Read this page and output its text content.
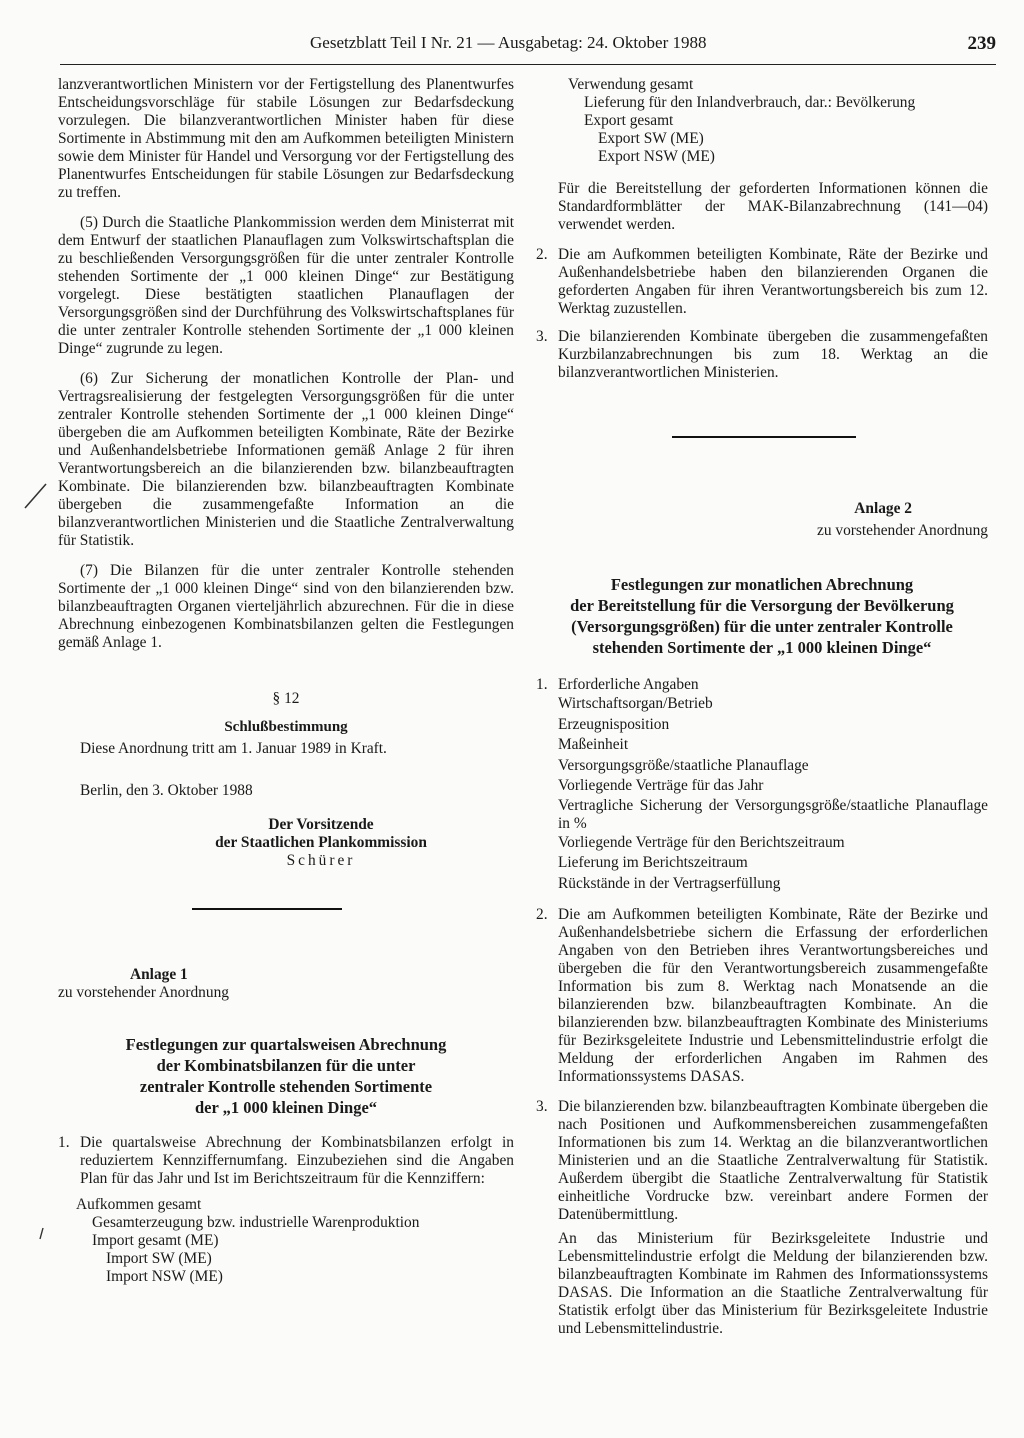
Gesetzblatt Teil I Nr. 21 — Ausgabetag: 24. Oktober 1988	239

lanzverantwortlichen Ministern vor der Fertigstellung des Planentwurfes Entscheidungsvorschläge für stabile Lösungen zur Bedarfsdeckung vorzulegen. Die bilanzverantwortlichen Minister haben für diese Sortimente in Abstimmung mit den am Aufkommen beteiligten Ministern sowie dem Minister für Handel und Versorgung vor der Fertigstellung des Planentwurfes Entscheidungen für stabile Lösungen zur Bedarfsdeckung zu treffen.

(5) Durch die Staatliche Plankommission werden dem Ministerrat mit dem Entwurf der staatlichen Planauflagen zum Volkswirtschaftsplan die zu beschließenden Versorgungsgrößen für die unter zentraler Kontrolle stehenden Sortimente der „1 000 kleinen Dinge“ zur Bestätigung vorgelegt. Diese bestätigten staatlichen Planauflagen der Versorgungsgrößen sind der Durchführung des Volkswirtschaftsplanes für die unter zentraler Kontrolle stehenden Sortimente der „1 000 kleinen Dinge“ zugrunde zu legen.

(6) Zur Sicherung der monatlichen Kontrolle der Plan- und Vertragsrealisierung der festgelegten Versorgungsgrößen für die unter zentraler Kontrolle stehenden Sortimente der „1 000 kleinen Dinge“ übergeben die am Aufkommen beteiligten Kombinate, Räte der Bezirke und Außenhandelsbetriebe Informationen gemäß Anlage 2 für ihren Verantwortungsbereich an die bilanzierenden bzw. bilanzbeauftragten Kombinate. Die bilanzierenden bzw. bilanzbeauftragten Kombinate übergeben die zusammengefaßte Information an die bilanzverantwortlichen Ministerien und die Staatliche Zentralverwaltung für Statistik.

(7) Die Bilanzen für die unter zentraler Kontrolle stehenden Sortimente der „1 000 kleinen Dinge“ sind von den bilanzierenden bzw. bilanzbeauftragten Organen vierteljährlich abzurechnen. Für die in diese Abrechnung einbezogenen Kombinatsbilanzen gelten die Festlegungen gemäß Anlage 1.

§ 12
Schlußbestimmung
Diese Anordnung tritt am 1. Januar 1989 in Kraft.
Berlin, den 3. Oktober 1988
Der Vorsitzende
der Staatlichen Plankommission
Schürer
Anlage 1
zu vorstehender Anordnung
Festlegungen zur quartalsweisen Abrechnung
der Kombinatsbilanzen für die unter
zentraler Kontrolle stehenden Sortimente
der „1 000 kleinen Dinge“
1. Die quartalsweise Abrechnung der Kombinatsbilanzen erfolgt in reduziertem Kennziffernumfang. Einzubeziehen sind die Angaben Plan für das Jahr und Ist im Berichtszeitraum für die Kennziffern:
Aufkommen gesamt
Gesamterzeugung bzw. industrielle Warenproduktion
Import gesamt (ME)
Import SW (ME)
Import NSW (ME)
Verwendung gesamt
Lieferung für den Inlandverbrauch, dar.: Bevölkerung
Export gesamt
Export SW (ME)
Export NSW (ME)

Für die Bereitstellung der geforderten Informationen können die Standardformblätter der MAK-Bilanzabrechnung (141—04) verwendet werden.

2. Die am Aufkommen beteiligten Kombinate, Räte der Bezirke und Außenhandelsbetriebe haben den bilanzierenden Organen die geforderten Angaben für ihren Verantwortungsbereich bis zum 12. Werktag zuzustellen.
3. Die bilanzierenden Kombinate übergeben die zusammengefaßten Kurzbilanzabrechnungen bis zum 18. Werktag an die bilanzverantwortlichen Ministerien.
Anlage 2
zu vorstehender Anordnung
Festlegungen zur monatlichen Abrechnung
der Bereitstellung für die Versorgung der Bevölkerung
(Versorgungsgrößen) für die unter zentraler Kontrolle
stehenden Sortimente der „1 000 kleinen Dinge“
1. Erforderliche Angaben
Wirtschaftsorgan/Betrieb
Erzeugnisposition
Maßeinheit
Versorgungsgröße/staatliche Planauflage
Vorliegende Verträge für das Jahr
Vertragliche Sicherung der Versorgungsgröße/staatliche Planauflage in %
Vorliegende Verträge für den Berichtszeitraum
Lieferung im Berichtszeitraum
Rückstände in der Vertragserfüllung
2. Die am Aufkommen beteiligten Kombinate, Räte der Bezirke und Außenhandelsbetriebe sichern die Erfassung der erforderlichen Angaben von den Betrieben ihres Verantwortungsbereiches und übergeben die für den Verantwortungsbereich zusammengefaßte Information bis zum 8. Werktag nach Monatsende an die bilanzierenden bzw. bilanzbeauftragten Kombinate. An die bilanzierenden bzw. bilanzbeauftragten Kombinate des Ministeriums für Bezirksgeleitete Industrie und Lebensmittelindustrie erfolgt die Meldung der erforderlichen Angaben im Rahmen des Informationssystems DASAS.
3. Die bilanzierenden bzw. bilanzbeauftragten Kombinate übergeben die nach Positionen und Aufkommensbereichen zusammengefaßten Informationen bis zum 14. Werktag an die bilanzverantwortlichen Ministerien und an die Staatliche Zentralverwaltung für Statistik. Außerdem übergibt die Staatliche Zentralverwaltung für Statistik einheitliche Vordrucke bzw. vereinbart andere Formen der Datenübermittlung.
An das Ministerium für Bezirksgeleitete Industrie und Lebensmittelindustrie erfolgt die Meldung der bilanzierenden bzw. bilanzbeauftragten Kombinate im Rahmen des Informationssystems DASAS. Die Information an die Staatliche Zentralverwaltung für Statistik erfolgt über das Ministerium für Bezirksgeleitete Industrie und Lebensmittelindustrie.
